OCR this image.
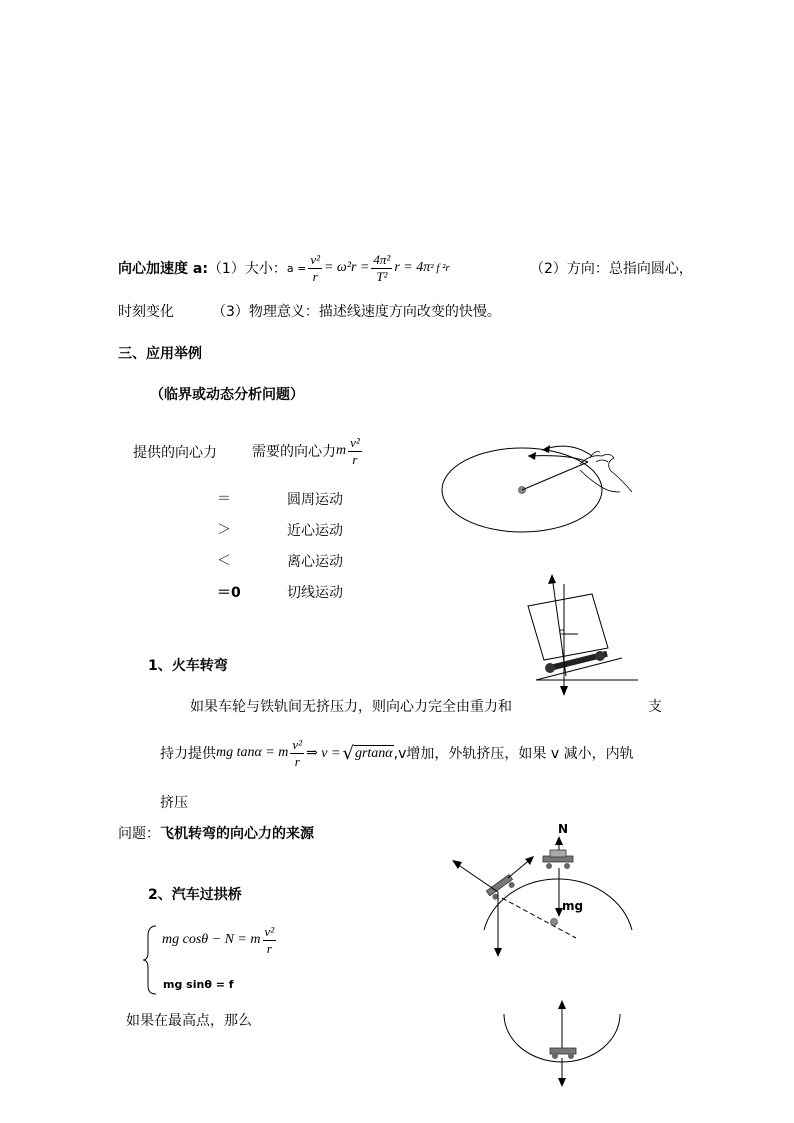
向心加速度 a: （1）大小： $a = \frac{\text{v²}}{r} = \omega^2r = \frac{\text{4π²}}{\text{T²}}$ r = 4π ² f ² r	（2）方向：总指向圆心，
时刻变化	（3）物理意义：描述线速度方向改变的快慢。
三、应用举例
（临界或动态分析问题）
提供的向心力	需要的向心力 m $\frac{\text{v²}}{r}$
＝	圆周运动
＞	近心运动
＜	离心运动
＝0	切线运动
1、火车转弯
如果车轮与铁轨间无挤压力，则向心力完全由重力和	支
持力提供 mg tanα = m $\frac{\text{v²}}{r}$ ⇒ v = √ grtanα ,v增加，外轨挤压，如果 v 减小，内轨
挤压
问题：飞机转弯的向心力的来源	N
mg
2、汽车过拱桥
mg cosθ − N = m $\frac{\text{v²}}{r}$
mg sinθ = f
如果在最高点，那么
